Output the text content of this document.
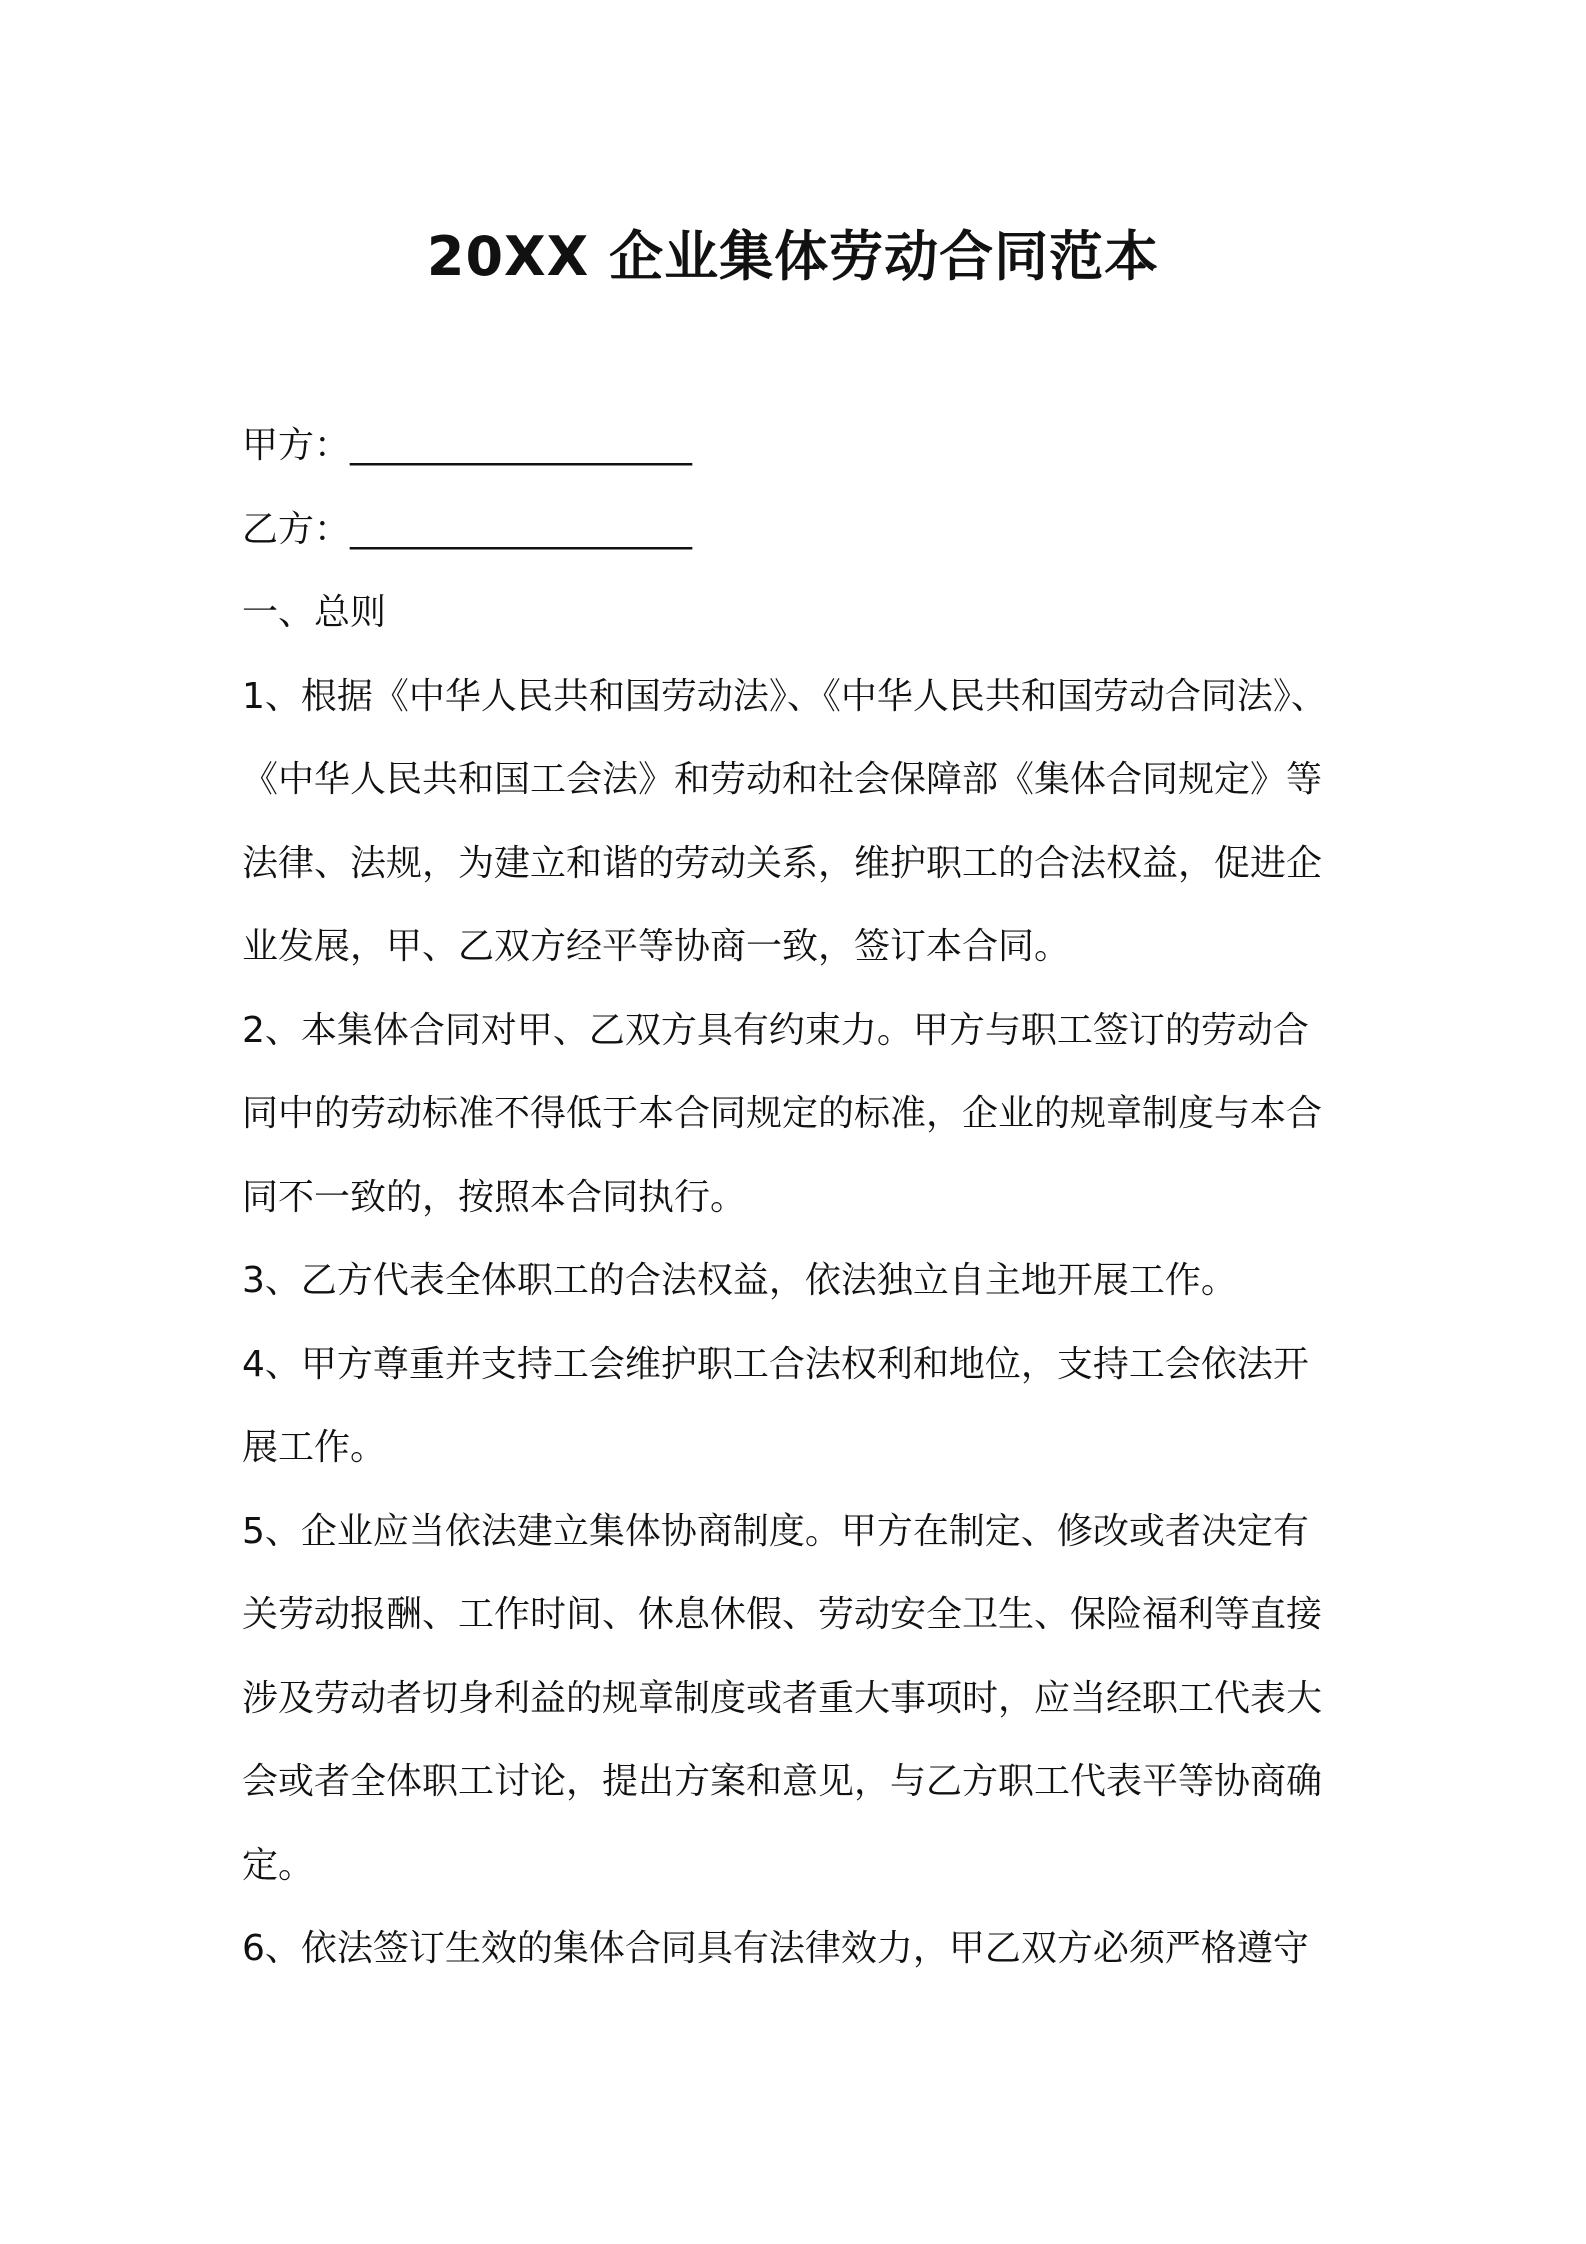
20XX 企业集体劳动合同范本
甲方：___________________
乙方：___________________
一、总则
1、根据《中华人民共和国劳动法》、《中华人民共和国劳动合同法》、
《中华人民共和国工会法》和劳动和社会保障部《集体合同规定》等
法律、法规，为建立和谐的劳动关系，维护职工的合法权益，促进企
业发展，甲、乙双方经平等协商一致，签订本合同。
2、本集体合同对甲、乙双方具有约束力。甲方与职工签订的劳动合
同中的劳动标准不得低于本合同规定的标准，企业的规章制度与本合
同不一致的，按照本合同执行。
3、乙方代表全体职工的合法权益，依法独立自主地开展工作。
4、甲方尊重并支持工会维护职工合法权利和地位，支持工会依法开
展工作。
5、企业应当依法建立集体协商制度。甲方在制定、修改或者决定有
关劳动报酬、工作时间、休息休假、劳动安全卫生、保险福利等直接
涉及劳动者切身利益的规章制度或者重大事项时，应当经职工代表大
会或者全体职工讨论，提出方案和意见，与乙方职工代表平等协商确
定。
6、依法签订生效的集体合同具有法律效力，甲乙双方必须严格遵守
